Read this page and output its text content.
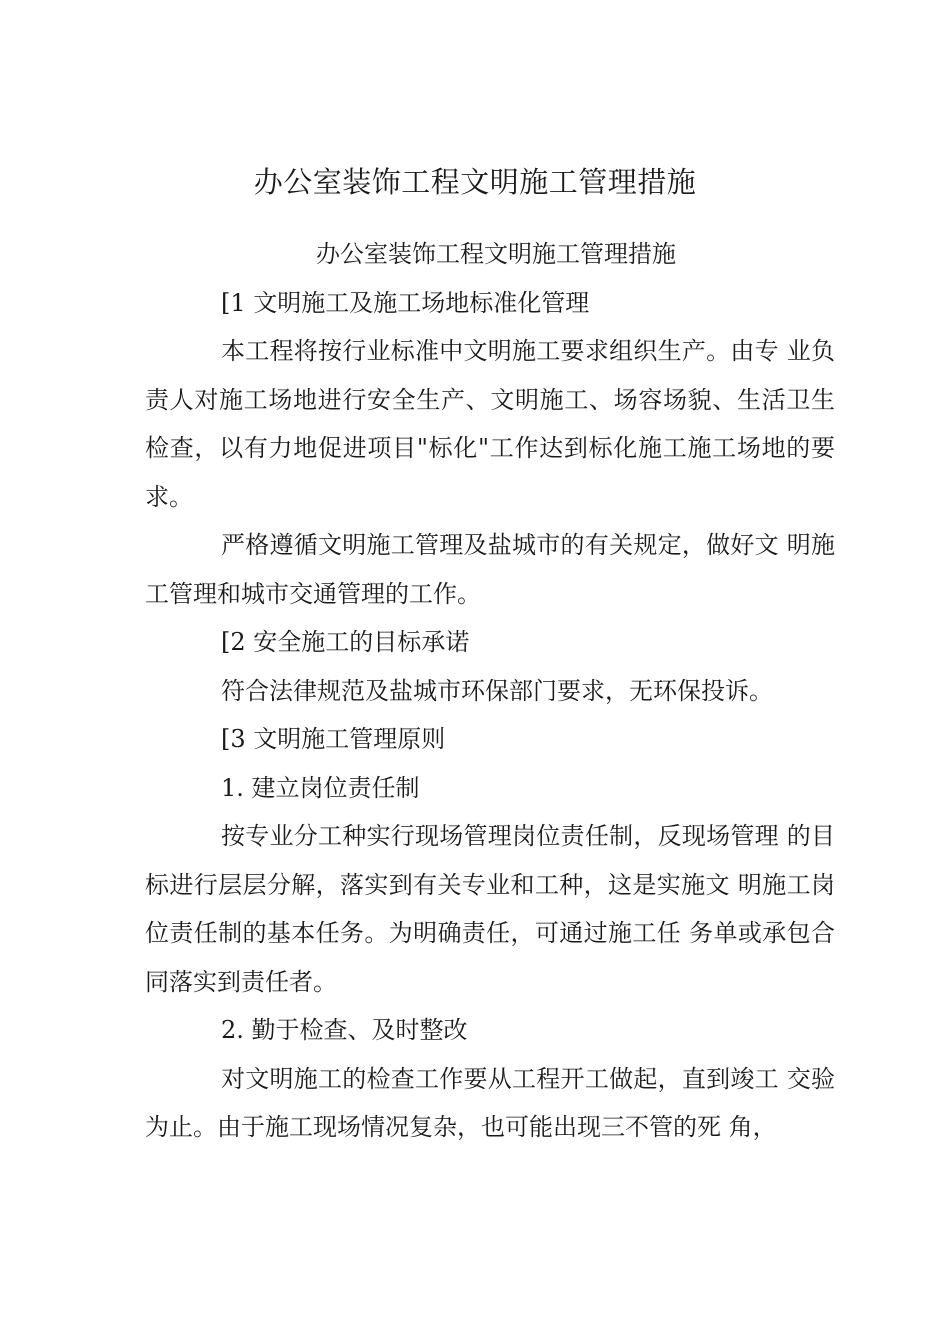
办公室装饰工程文明施工管理措施

办公室装饰工程文明施工管理措施

[1 文明施工及施工场地标准化管理

本工程将按行业标准中文明施工要求组织生产。由专 业负责人对施工场地进行安全生产、文明施工、场容场貌、生活卫生检查，以有力地促进项目"标化"工作达到标化施工施工场地的要求。

严格遵循文明施工管理及盐城市的有关规定，做好文 明施工管理和城市交通管理的工作。

[2 安全施工的目标承诺

符合法律规范及盐城市环保部门要求，无环保投诉。

[3 文明施工管理原则

1. 建立岗位责任制

按专业分工种实行现场管理岗位责任制，反现场管理 的目标进行层层分解，落实到有关专业和工种，这是实施文 明施工岗位责任制的基本任务。为明确责任，可通过施工任 务单或承包合同落实到责任者。

2. 勤于检查、及时整改

对文明施工的检查工作要从工程开工做起，直到竣工 交验为止。由于施工现场情况复杂，也可能出现三不管的死 角，
